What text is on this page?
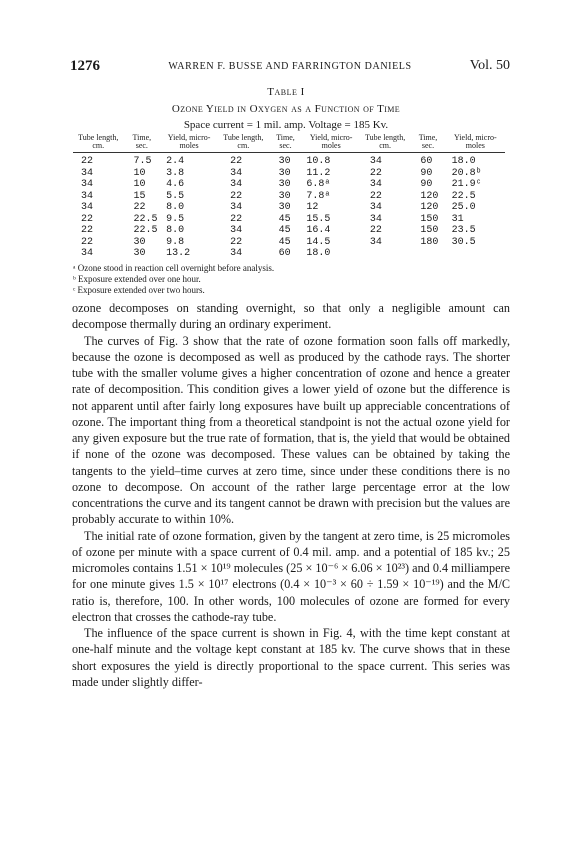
1276	WARREN F. BUSSE AND FARRINGTON DANIELS	Vol. 50
Table I
Ozone Yield in Oxygen as a Function of Time
Space current = 1 mil. amp. Voltage = 185 Kv.
Tube length, cm.	Time, sec.	Yield, micro-moles	Tube length, cm.	Time, sec.	Yield, micro-moles	Tube length, cm.	Time, sec.	Yield, micro-moles
22	7.5	2.4	22	30	10.8	34	60	18.0
34	10	3.8	34	30	11.2	22	90	20.8ᵇ
34	10	4.6	34	30	6.8ᵃ	34	90	21.9ᶜ
34	15	5.5	22	30	7.8ᵃ	22	120	22.5
34	22	8.0	34	30	12	34	120	25.0
22	22.5	9.5	22	45	15.5	34	150	31
22	22.5	8.0	34	45	16.4	22	150	23.5
22	30	9.8	22	45	14.5	34	180	30.5
34	30	13.2	34	60	18.0			
ᵃ Ozone stood in reaction cell overnight before analysis.
ᵇ Exposure extended over one hour.
ᶜ Exposure extended over two hours.

ozone decomposes on standing overnight, so that only a negligible amount can decompose thermally during an ordinary experiment.

The curves of Fig. 3 show that the rate of ozone formation soon falls off markedly, because the ozone is decomposed as well as produced by the cathode rays. The shorter tube with the smaller volume gives a higher concentration of ozone and hence a greater rate of decomposition. This condition gives a lower yield of ozone but the difference is not apparent until after fairly long exposures have built up appreciable concentrations of ozone. The important thing from a theoretical standpoint is not the actual ozone yield for any given exposure but the true rate of formation, that is, the yield that would be obtained if none of the ozone was decomposed. These values can be obtained by taking the tangents to the yield–time curves at zero time, since under these conditions there is no ozone to decompose. On account of the rather large percentage error at the low concentrations the curve and its tangent cannot be drawn with precision but the values are probably accurate to within 10%.

The initial rate of ozone formation, given by the tangent at zero time, is 25 micromoles of ozone per minute with a space current of 0.4 mil. amp. and a potential of 185 kv.; 25 micromoles contains 1.51 × 10¹⁹ molecules (25 × 10⁻⁶ × 6.06 × 10²³) and 0.4 milliampere for one minute gives 1.5 × 10¹⁷ electrons (0.4 × 10⁻³ × 60 ÷ 1.59 × 10⁻¹⁹) and the M/C ratio is, therefore, 100. In other words, 100 molecules of ozone are formed for every electron that crosses the cathode-ray tube.

The influence of the space current is shown in Fig. 4, with the time kept constant at one-half minute and the voltage kept constant at 185 kv. The curve shows that in these short exposures the yield is directly proportional to the space current. This series was made under slightly differ-
